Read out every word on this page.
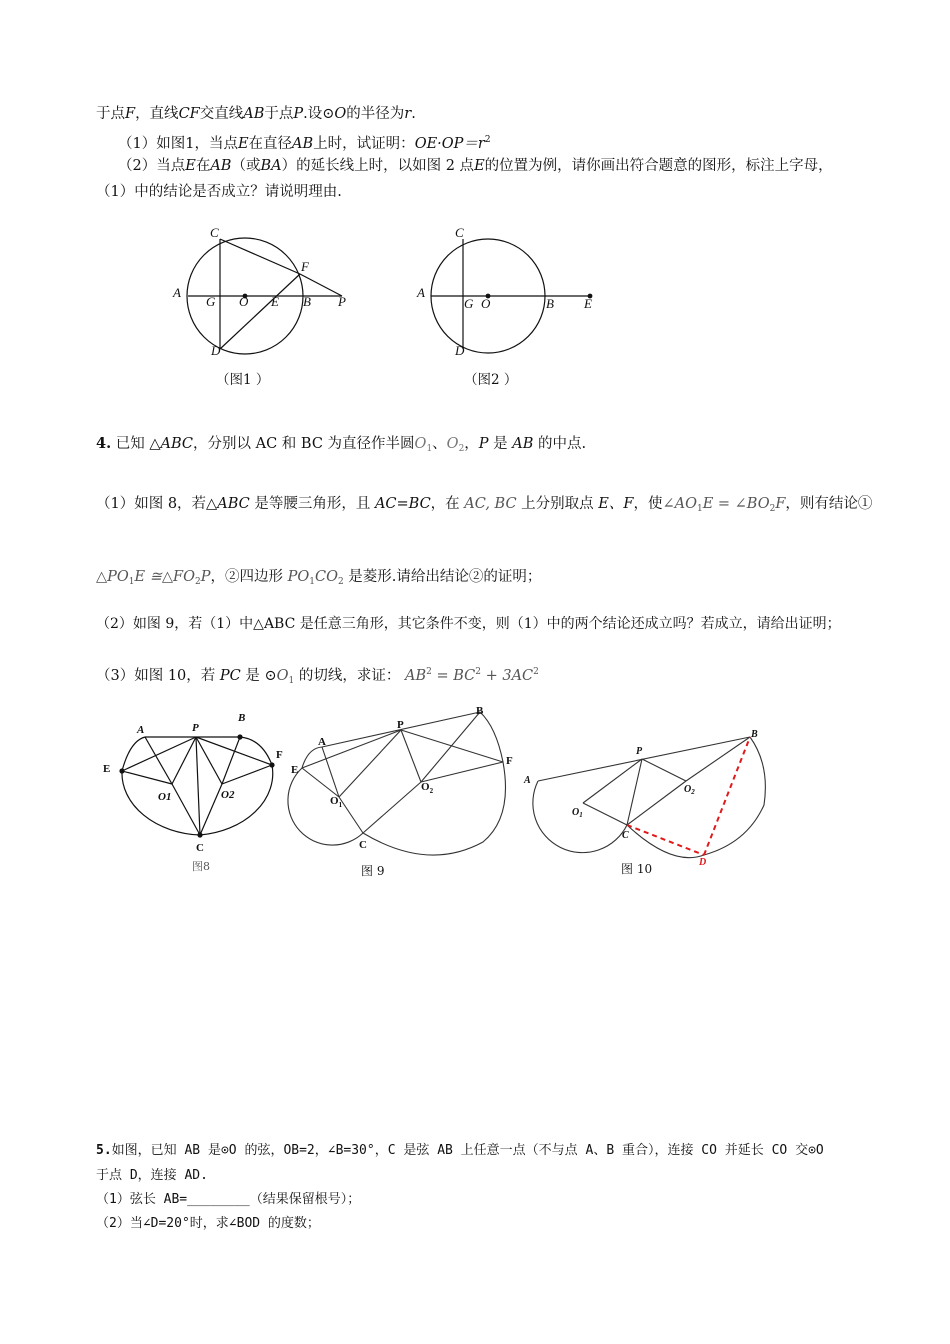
于点F，直线CF交直线AB于点P.设⊙O的半径为r.
（1）如图1，当点E在直径AB上时，试证明：$OE\cdot OP=r^2$
（2）当点E在AB（或BA）的延长线上时，以如图 2 点E的位置为例，请你画出符合题意的图形，标注上字母，
（1）中的结论是否成立？请说明理由.
C
A
F
G O E B P
D
（图1 ）
C
A
G O	B E
D
（图2 ）
4. 已知 △ABC，分别以 AC 和 BC 为直径作半圆$O_1$、$O_2$，P 是 AB 的中点.
（1）如图 8，若△ABC 是等腰三角形，且 AC=BC，在 AC, BC 上分别取点 E、F，使$\angle AO_1E$ = $\angle BO_2F$，则有结论①
$\triangle PO_1E$ $≅\triangle FO_2P$，②四边形 $PO_1CO_2$ 是菱形.请给出结论②的证明；
（2）如图 9，若（1）中△ABC 是任意三角形，其它条件不变，则（1）中的两个结论还成立吗？若成立，请给出证明；
（3）如图 10，若 PC 是 $⊙O_1$ 的切线，求证： $AB^2 = BC^2 + 3AC^2$
A	P
B
E
F
O1	O2
C
图8
A
P
B
E
F
$O_1$
$O_2$
C
图 9
A
P
B
$O_1$
$O_2$
C
D
图 10
5.如图，已知 AB 是⊙O 的弦，OB=2，∠B=30°，C 是弦 AB 上任意一点（不与点 A、B 重合），连接 CO 并延长 CO 交⊙O
于点 D，连接 AD.
（1）弦长 AB=________（结果保留根号）；
（2）当∠D=20°时，求∠BOD 的度数；
